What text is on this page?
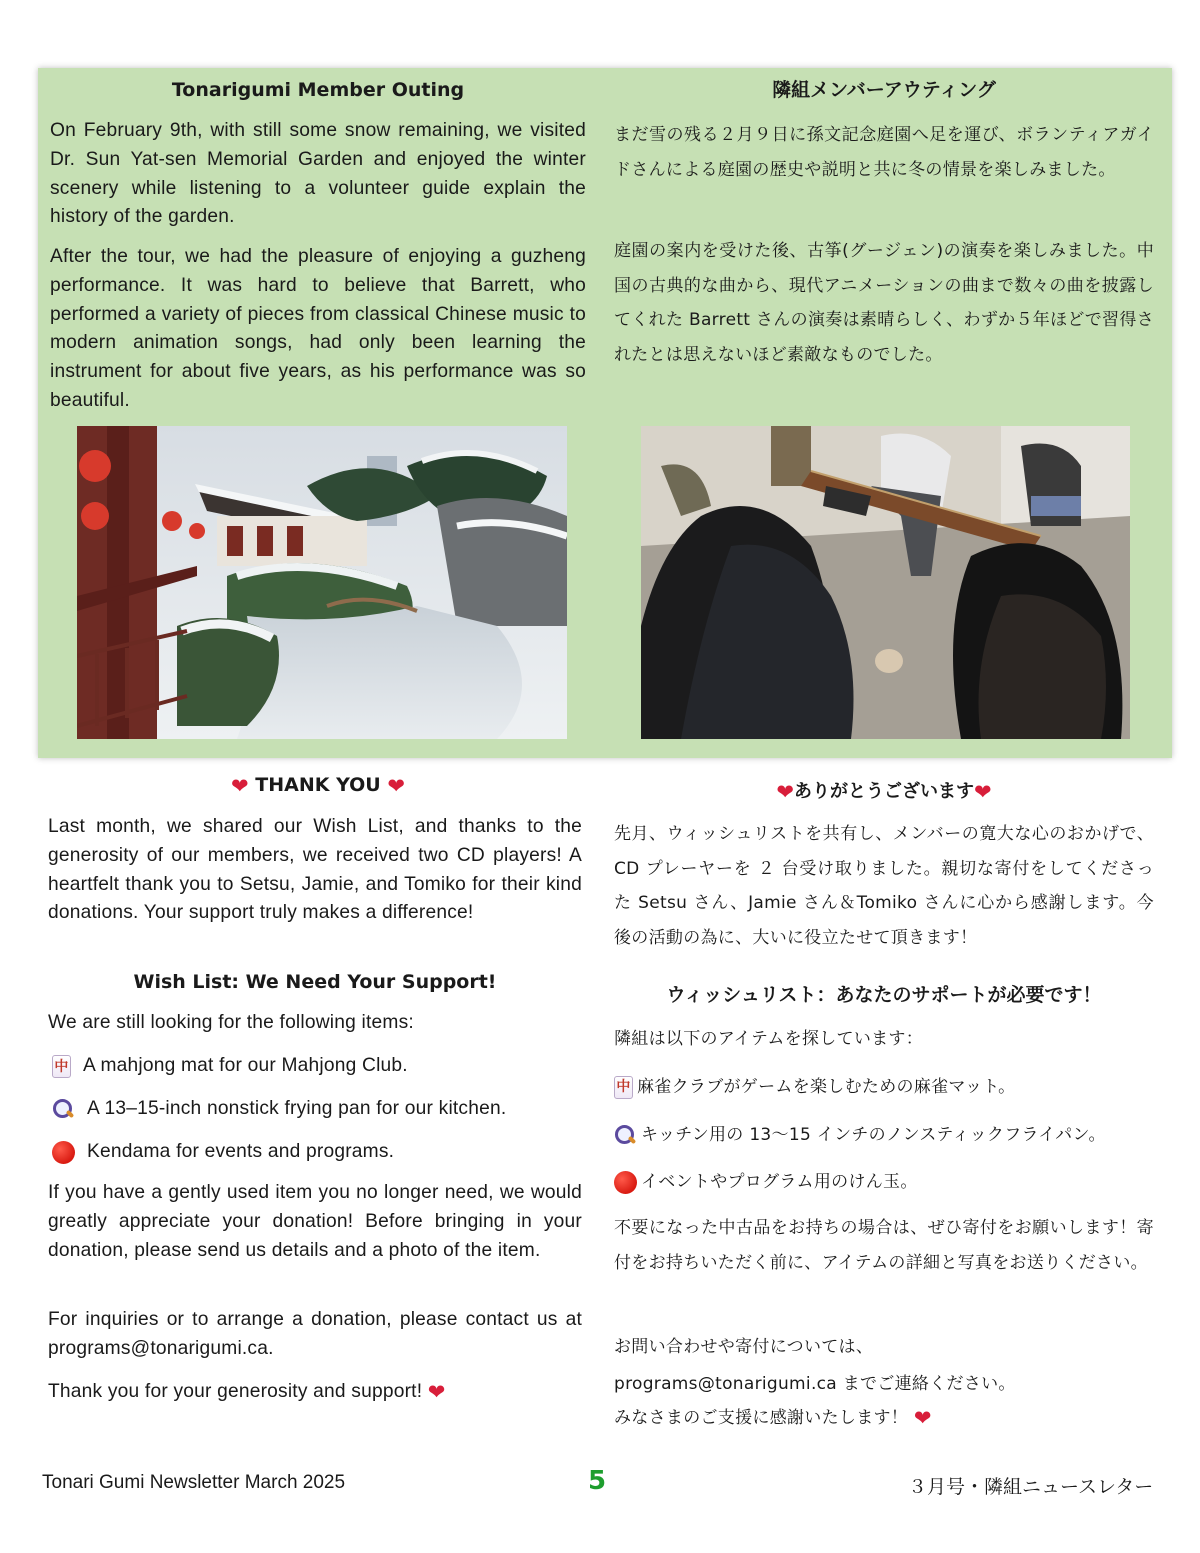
Tonarigumi Member Outing	隣組メンバーアウティング

On February 9th, with still some snow remaining, we visited Dr. Sun Yat-sen Memorial Garden and enjoyed the winter scenery while listening to a volunteer guide explain the history of the garden.

After the tour, we had the pleasure of enjoying a guzheng performance. It was hard to believe that Barrett, who performed a variety of pieces from classical Chinese music to modern animation songs, had only been learning the instrument for about five years, as his performance was so beautiful.

まだ雪の残る２月９日に孫文記念庭園へ足を運び、ボランティアガイドさんによる庭園の歴史や説明と共に冬の情景を楽しみました。

庭園の案内を受けた後、古筝(グージェン)の演奏を楽しみました。中国の古典的な曲から、現代アニメーションの曲まで数々の曲を披露してくれた Barrett さんの演奏は素晴らしく、わずか５年ほどで習得されたとは思えないほど素敵なものでした。

❤ THANK YOU ❤	❤ありがとうございます❤

Last month, we shared our Wish List, and thanks to the generosity of our members, we received two CD players! A heartfelt thank you to Setsu, Jamie, and Tomiko for their kind donations. Your support truly makes a difference!

先月、ウィッシュリストを共有し、メンバーの寛大な心のおかげで、CD プレーヤーを ２ 台受け取りました。親切な寄付をしてくださった Setsu さん、Jamie さん＆Tomiko さんに心から感謝します。今後の活動の為に、大いに役立たせて頂きます！

Wish List: We Need Your Support!

We are still looking for the following items:

中 A mahjong mat for our Mahjong Club.
A 13–15-inch nonstick frying pan for our kitchen.
Kendama for events and programs.

If you have a gently used item you no longer need, we would greatly appreciate your donation! Before bringing in your donation, please send us details and a photo of the item.

For inquiries or to arrange a donation, please contact us at programs@tonarigumi.ca.

Thank you for your generosity and support! ❤
ウィッシュリスト：あなたのサポートが必要です！

隣組は以下のアイテムを探しています：

中 麻雀クラブがゲームを楽しむための麻雀マット。
キッチン用の 13～15 インチのノンスティックフライパン。
イベントやプログラム用のけん玉。

不要になった中古品をお持ちの場合は、ぜひ寄付をお願いします！寄付をお持ちいただく前に、アイテムの詳細と写真をお送りください。

お問い合わせや寄付については、

programs@tonarigumi.ca までご連絡ください。

みなさまのご支援に感謝いたします！ ❤
Tonari Gumi Newsletter March 2025	5	３月号・隣組ニュースレター
